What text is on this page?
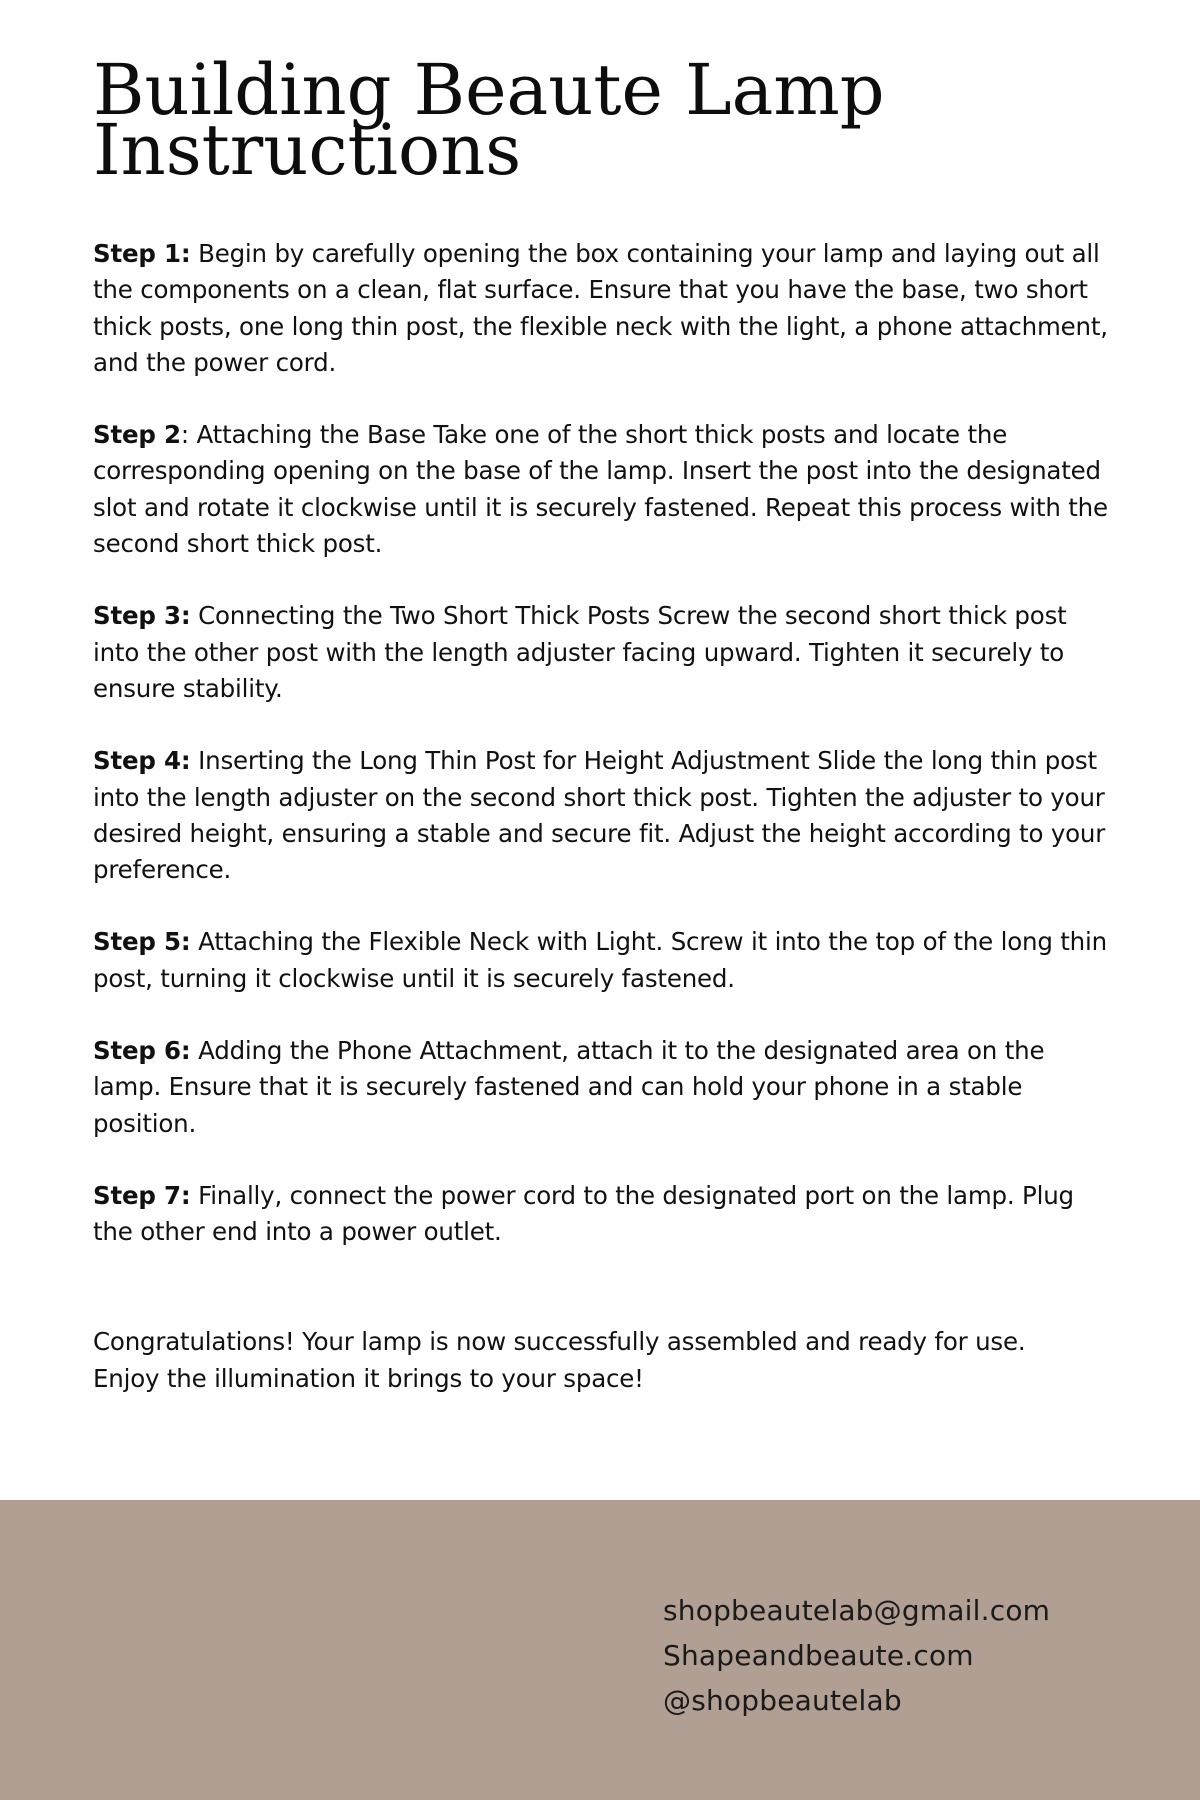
Building Beaute Lamp
Instructions

Step 1: Begin by carefully opening the box containing your lamp and laying out all the components on a clean, flat surface. Ensure that you have the base, two short thick posts, one long thin post, the flexible neck with the light, a phone attachment, and the power cord.

Step 2: Attaching the Base Take one of the short thick posts and locate the corresponding opening on the base of the lamp. Insert the post into the designated slot and rotate it clockwise until it is securely fastened. Repeat this process with the second short thick post.

Step 3: Connecting the Two Short Thick Posts Screw the second short thick post into the other post with the length adjuster facing upward. Tighten it securely to ensure stability.

Step 4: Inserting the Long Thin Post for Height Adjustment Slide the long thin post into the length adjuster on the second short thick post. Tighten the adjuster to your desired height, ensuring a stable and secure fit. Adjust the height according to your preference.

Step 5: Attaching the Flexible Neck with Light. Screw it into the top of the long thin post, turning it clockwise until it is securely fastened.

Step 6: Adding the Phone Attachment, attach it to the designated area on the lamp. Ensure that it is securely fastened and can hold your phone in a stable position.

Step 7: Finally, connect the power cord to the designated port on the lamp. Plug the other end into a power outlet.

Congratulations! Your lamp is now successfully assembled and ready for use.
Enjoy the illumination it brings to your space!

shopbeautelab@gmail.com
Shapeandbeaute.com
@shopbeautelab
